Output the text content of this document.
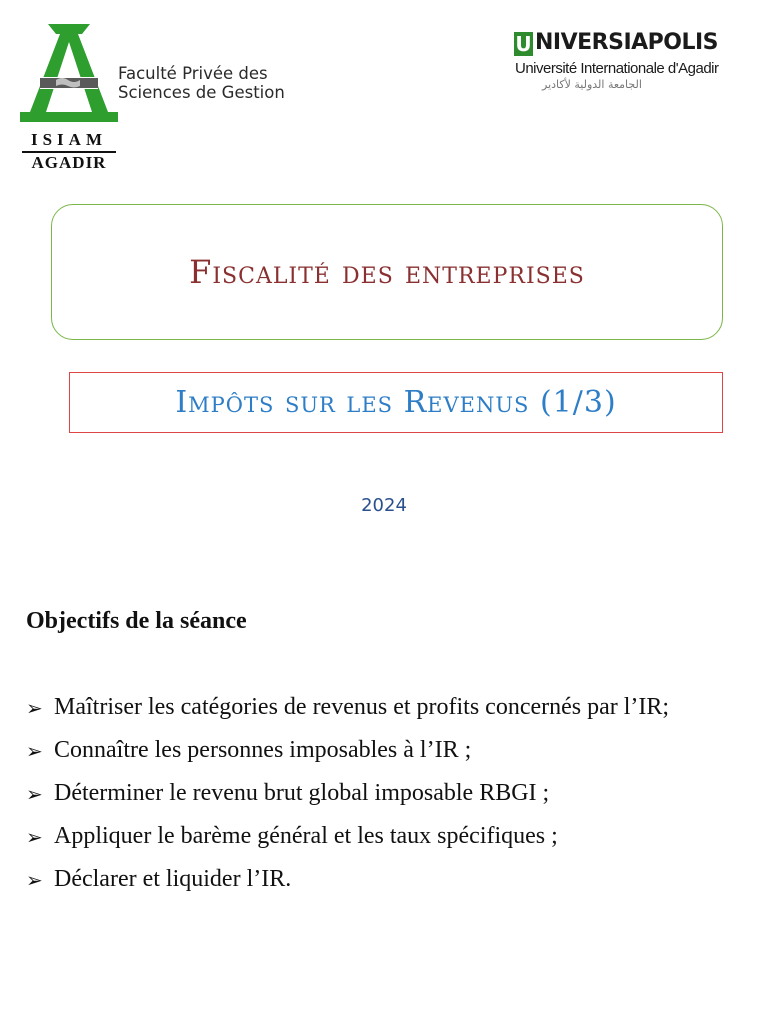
Faculté Privée des
Sciences de Gestion
ISIAM
AGADIR
U NIVERSIAPOLIS
Université Internationale d'Agadir
الجامعة الدولية لأكادير
Fiscalité des entreprises
Impôts sur les Revenus (1/3)
2024
Objectifs de la séance
➢ Maîtriser les catégories de revenus et profits concernés par l’IR;
➢ Connaître les personnes imposables à l’IR ;
➢ Déterminer le revenu brut global imposable RBGI ;
➢ Appliquer le barème général et les taux spécifiques ;
➢ Déclarer et liquider l’IR.
